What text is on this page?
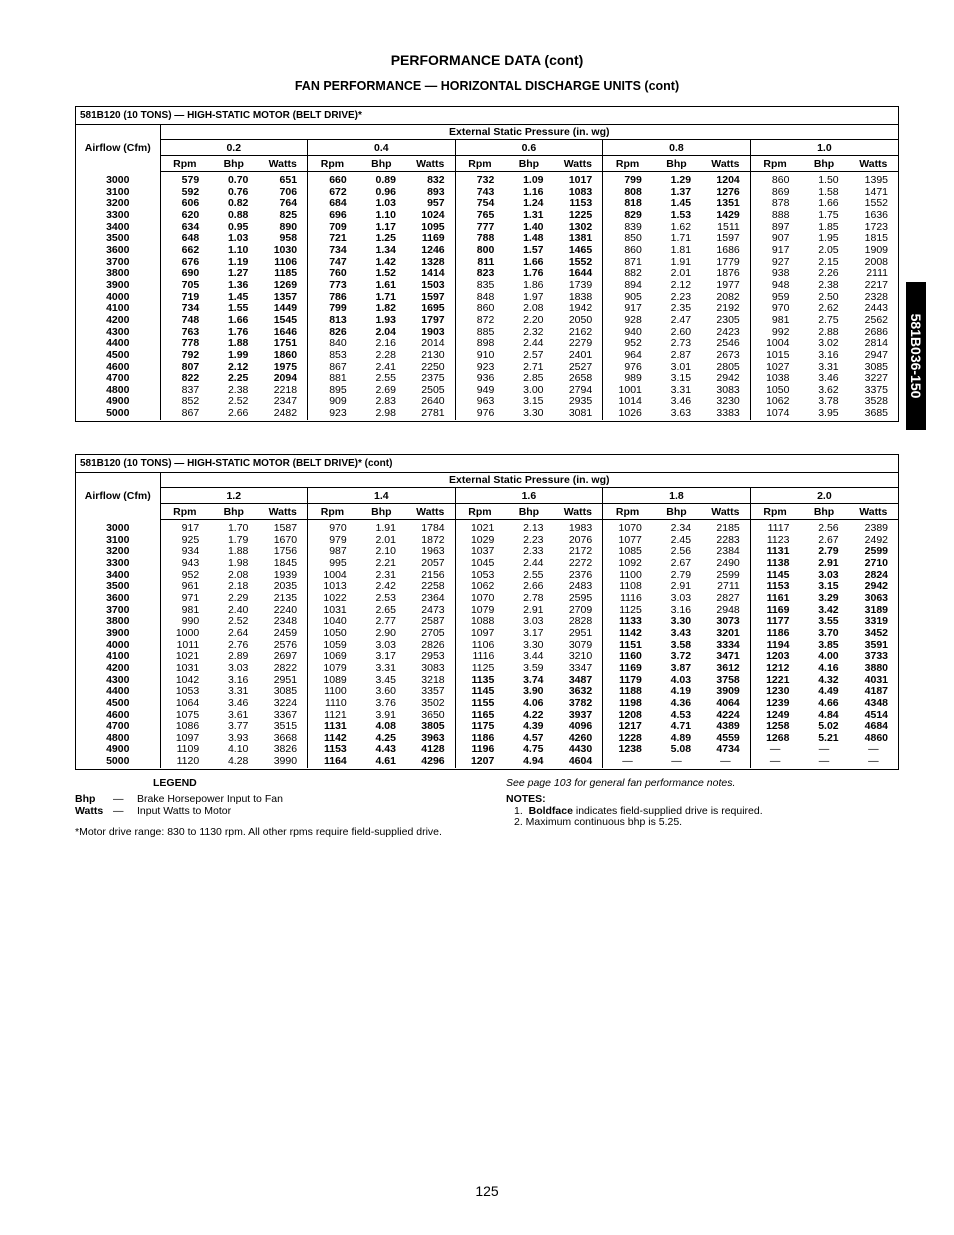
PERFORMANCE DATA (cont)
FAN PERFORMANCE — HORIZONTAL DISCHARGE UNITS (cont)
581B036-150
581B120 (10 TONS) — HIGH-STATIC MOTOR (BELT DRIVE)*															
Airflow (Cfm)	External Static Pressure (in. wg)														
	0.2			0.4			0.6			0.8			1.0		
	Rpm	Bhp	Watts	Rpm	Bhp	Watts	Rpm	Bhp	Watts	Rpm	Bhp	Watts	Rpm	Bhp	Watts
3000	579	0.70	651	660	0.89	832	732	1.09	1017	799	1.29	1204	860	1.50	1395
3100	592	0.76	706	672	0.96	893	743	1.16	1083	808	1.37	1276	869	1.58	1471
3200	606	0.82	764	684	1.03	957	754	1.24	1153	818	1.45	1351	878	1.66	1552
3300	620	0.88	825	696	1.10	1024	765	1.31	1225	829	1.53	1429	888	1.75	1636
3400	634	0.95	890	709	1.17	1095	777	1.40	1302	839	1.62	1511	897	1.85	1723
3500	648	1.03	958	721	1.25	1169	788	1.48	1381	850	1.71	1597	907	1.95	1815
3600	662	1.10	1030	734	1.34	1246	800	1.57	1465	860	1.81	1686	917	2.05	1909
3700	676	1.19	1106	747	1.42	1328	811	1.66	1552	871	1.91	1779	927	2.15	2008
3800	690	1.27	1185	760	1.52	1414	823	1.76	1644	882	2.01	1876	938	2.26	2111
3900	705	1.36	1269	773	1.61	1503	835	1.86	1739	894	2.12	1977	948	2.38	2217
4000	719	1.45	1357	786	1.71	1597	848	1.97	1838	905	2.23	2082	959	2.50	2328
4100	734	1.55	1449	799	1.82	1695	860	2.08	1942	917	2.35	2192	970	2.62	2443
4200	748	1.66	1545	813	1.93	1797	872	2.20	2050	928	2.47	2305	981	2.75	2562
4300	763	1.76	1646	826	2.04	1903	885	2.32	2162	940	2.60	2423	992	2.88	2686
4400	778	1.88	1751	840	2.16	2014	898	2.44	2279	952	2.73	2546	1004	3.02	2814
4500	792	1.99	1860	853	2.28	2130	910	2.57	2401	964	2.87	2673	1015	3.16	2947
4600	807	2.12	1975	867	2.41	2250	923	2.71	2527	976	3.01	2805	1027	3.31	3085
4700	822	2.25	2094	881	2.55	2375	936	2.85	2658	989	3.15	2942	1038	3.46	3227
4800	837	2.38	2218	895	2.69	2505	949	3.00	2794	1001	3.31	3083	1050	3.62	3375
4900	852	2.52	2347	909	2.83	2640	963	3.15	2935	1014	3.46	3230	1062	3.78	3528
5000	867	2.66	2482	923	2.98	2781	976	3.30	3081	1026	3.63	3383	1074	3.95	3685
581B120 (10 TONS) — HIGH-STATIC MOTOR (BELT DRIVE)* (cont)															
Airflow (Cfm)	External Static Pressure (in. wg)														
	1.2			1.4			1.6			1.8			2.0		
	Rpm	Bhp	Watts	Rpm	Bhp	Watts	Rpm	Bhp	Watts	Rpm	Bhp	Watts	Rpm	Bhp	Watts
3000	917	1.70	1587	970	1.91	1784	1021	2.13	1983	1070	2.34	2185	1117	2.56	2389
3100	925	1.79	1670	979	2.01	1872	1029	2.23	2076	1077	2.45	2283	1123	2.67	2492
3200	934	1.88	1756	987	2.10	1963	1037	2.33	2172	1085	2.56	2384	1131	2.79	2599
3300	943	1.98	1845	995	2.21	2057	1045	2.44	2272	1092	2.67	2490	1138	2.91	2710
3400	952	2.08	1939	1004	2.31	2156	1053	2.55	2376	1100	2.79	2599	1145	3.03	2824
3500	961	2.18	2035	1013	2.42	2258	1062	2.66	2483	1108	2.91	2711	1153	3.15	2942
3600	971	2.29	2135	1022	2.53	2364	1070	2.78	2595	1116	3.03	2827	1161	3.29	3063
3700	981	2.40	2240	1031	2.65	2473	1079	2.91	2709	1125	3.16	2948	1169	3.42	3189
3800	990	2.52	2348	1040	2.77	2587	1088	3.03	2828	1133	3.30	3073	1177	3.55	3319
3900	1000	2.64	2459	1050	2.90	2705	1097	3.17	2951	1142	3.43	3201	1186	3.70	3452
4000	1011	2.76	2576	1059	3.03	2826	1106	3.30	3079	1151	3.58	3334	1194	3.85	3591
4100	1021	2.89	2697	1069	3.17	2953	1116	3.44	3210	1160	3.72	3471	1203	4.00	3733
4200	1031	3.03	2822	1079	3.31	3083	1125	3.59	3347	1169	3.87	3612	1212	4.16	3880
4300	1042	3.16	2951	1089	3.45	3218	1135	3.74	3487	1179	4.03	3758	1221	4.32	4031
4400	1053	3.31	3085	1100	3.60	3357	1145	3.90	3632	1188	4.19	3909	1230	4.49	4187
4500	1064	3.46	3224	1110	3.76	3502	1155	4.06	3782	1198	4.36	4064	1239	4.66	4348
4600	1075	3.61	3367	1121	3.91	3650	1165	4.22	3937	1208	4.53	4224	1249	4.84	4514
4700	1086	3.77	3515	1131	4.08	3805	1175	4.39	4096	1217	4.71	4389	1258	5.02	4684
4800	1097	3.93	3668	1142	4.25	3963	1186	4.57	4260	1228	4.89	4559	1268	5.21	4860
4900	1109	4.10	3826	1153	4.43	4128	1196	4.75	4430	1238	5.08	4734	—	—	—
5000	1120	4.28	3990	1164	4.61	4296	1207	4.94	4604	—	—	—	—	—	—
LEGEND
Bhp — Brake Horsepower Input to Fan
Watts — Input Watts to Motor
*Motor drive range: 830 to 1130 rpm. All other rpms require field-supplied drive.
See page 103 for general fan performance notes.
NOTES:
1. Boldface indicates field-supplied drive is required.
2. Maximum continuous bhp is 5.25.
125
